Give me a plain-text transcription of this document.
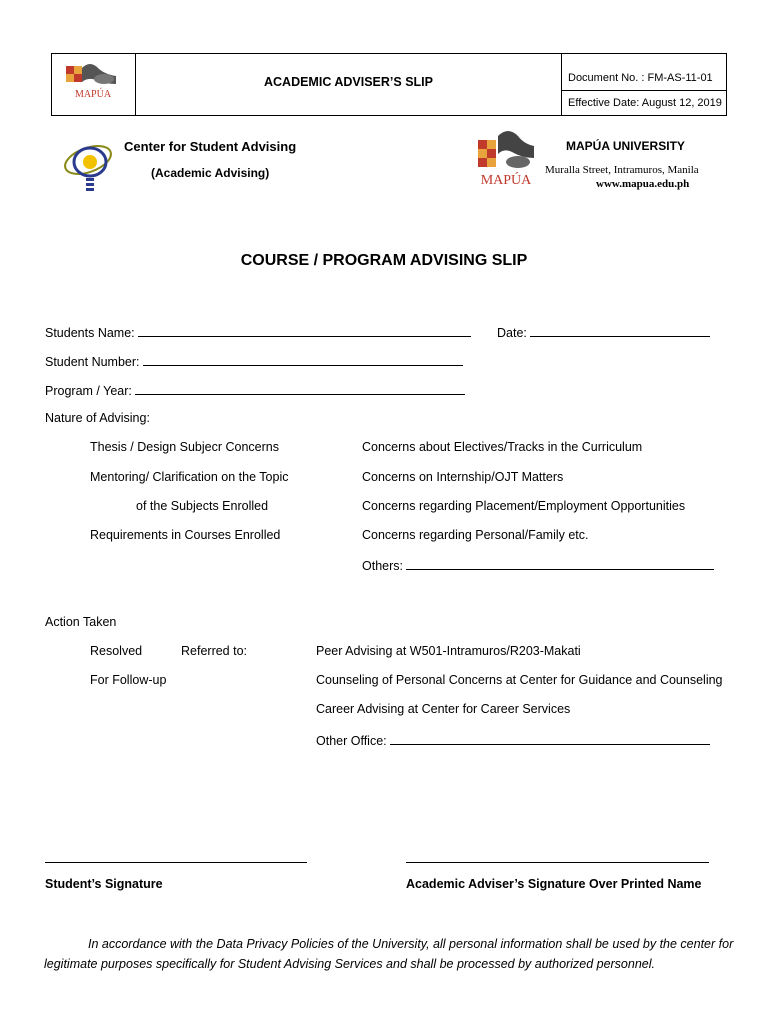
MAPÚA
ACADEMIC ADVISER’S SLIP	Document No. : FM-AS-11-01
Effective Date: August 12, 2019
Center for Student Advising
(Academic Advising)	MAPÚA
MAPÚA UNIVERSITY
Muralla Street, Intramuros, Manila
www.mapua.edu.ph
COURSE / PROGRAM ADVISING SLIP
Students Name:	Date:
Student Number:
Program / Year:
Nature of Advising:
Thesis / Design Subjecr Concerns
Mentoring/ Clarification on the Topic
of the Subjects Enrolled
Requirements in Courses Enrolled
Concerns about Electives/Tracks in the Curriculum
Concerns on Internship/OJT Matters
Concerns regarding Placement/Employment Opportunities
Concerns regarding Personal/Family etc.
Others:
Action Taken
Resolved	Referred to:
For Follow-up
Peer Advising at W501-Intramuros/R203-Makati
Counseling of Personal Concerns at Center for Guidance and Counseling
Career Advising at Center for Career Services
Other Office:
Student’s Signature	Academic Adviser’s Signature Over Printed Name
In accordance with the Data Privacy Policies of the University, all personal information shall be used by the center for legitimate purposes specifically for Student Advising Services and shall be processed by authorized personnel.
